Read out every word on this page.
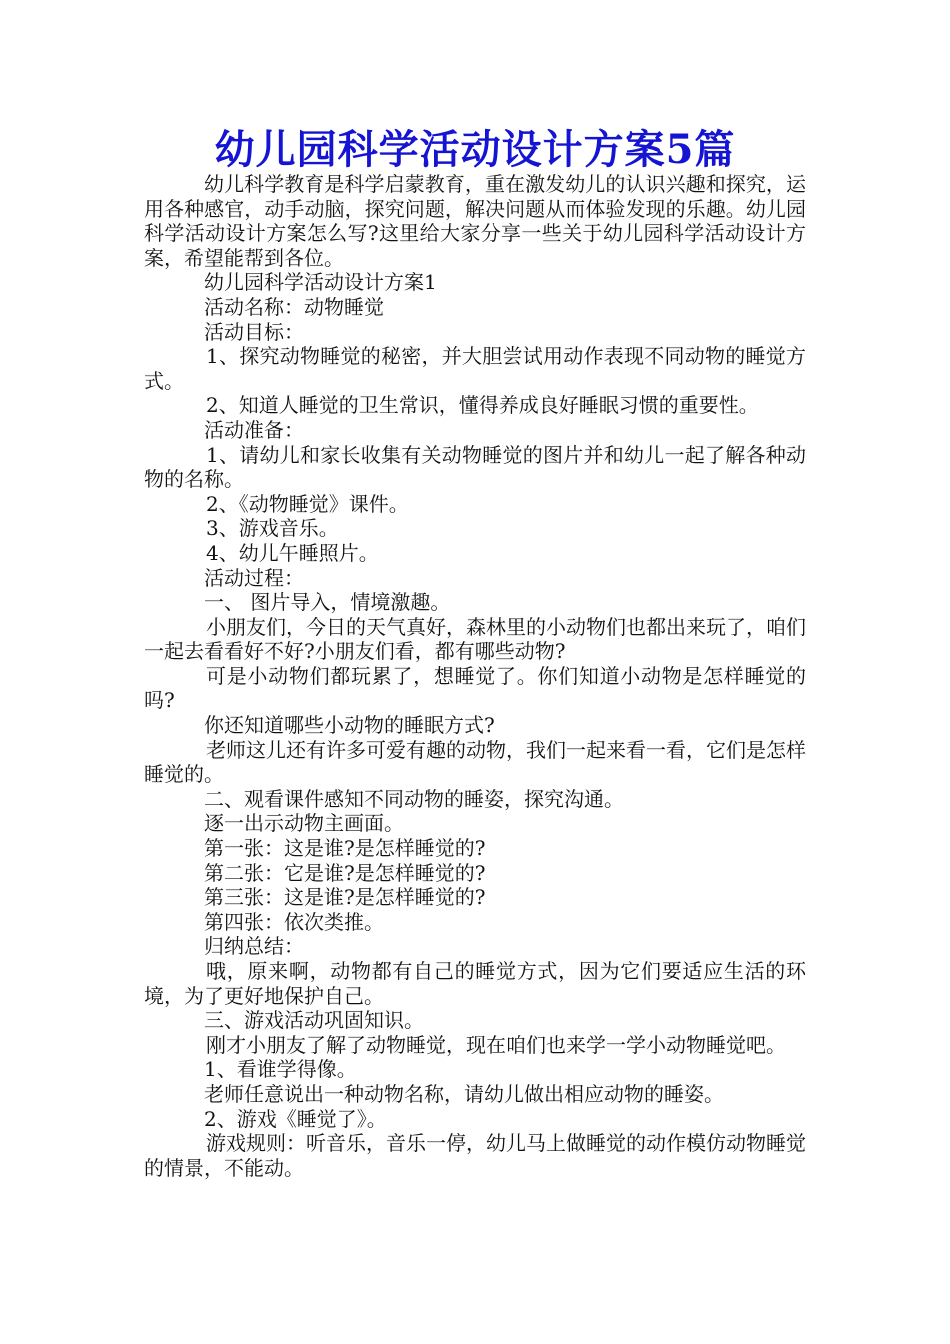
幼儿园科学活动设计方案5篇

幼儿科学教育是科学启蒙教育，重在激发幼儿的认识兴趣和探究，运用各种感官，动手动脑，探究问题，解决问题从而体验发现的乐趣。幼儿园科学活动设计方案怎么写?这里给大家分享一些关于幼儿园科学活动设计方案，希望能帮到各位。

幼儿园科学活动设计方案1

活动名称：动物睡觉

活动目标：

1、探究动物睡觉的秘密，并大胆尝试用动作表现不同动物的睡觉方式。

2、知道人睡觉的卫生常识，懂得养成良好睡眠习惯的重要性。

活动准备：

1、请幼儿和家长收集有关动物睡觉的图片并和幼儿一起了解各种动物的名称。

2、《动物睡觉》课件。

3、游戏音乐。

4、幼儿午睡照片。

活动过程：

一、 图片导入，情境激趣。

小朋友们，今日的天气真好，森林里的小动物们也都出来玩了，咱们一起去看看好不好?小朋友们看，都有哪些动物?

可是小动物们都玩累了，想睡觉了。你们知道小动物是怎样睡觉的吗?

你还知道哪些小动物的睡眠方式?

老师这儿还有许多可爱有趣的动物，我们一起来看一看，它们是怎样睡觉的。

二、观看课件感知不同动物的睡姿，探究沟通。

逐一出示动物主画面。

第一张：这是谁?是怎样睡觉的?

第二张：它是谁?是怎样睡觉的?

第三张：这是谁?是怎样睡觉的?

第四张：依次类推。

归纳总结：

哦，原来啊，动物都有自己的睡觉方式，因为它们要适应生活的环境，为了更好地保护自己。

三、游戏活动巩固知识。

刚才小朋友了解了动物睡觉，现在咱们也来学一学小动物睡觉吧。

1、看谁学得像。

老师任意说出一种动物名称，请幼儿做出相应动物的睡姿。

2、游戏《睡觉了》。

游戏规则：听音乐，音乐一停，幼儿马上做睡觉的动作模仿动物睡觉的情景，不能动。
